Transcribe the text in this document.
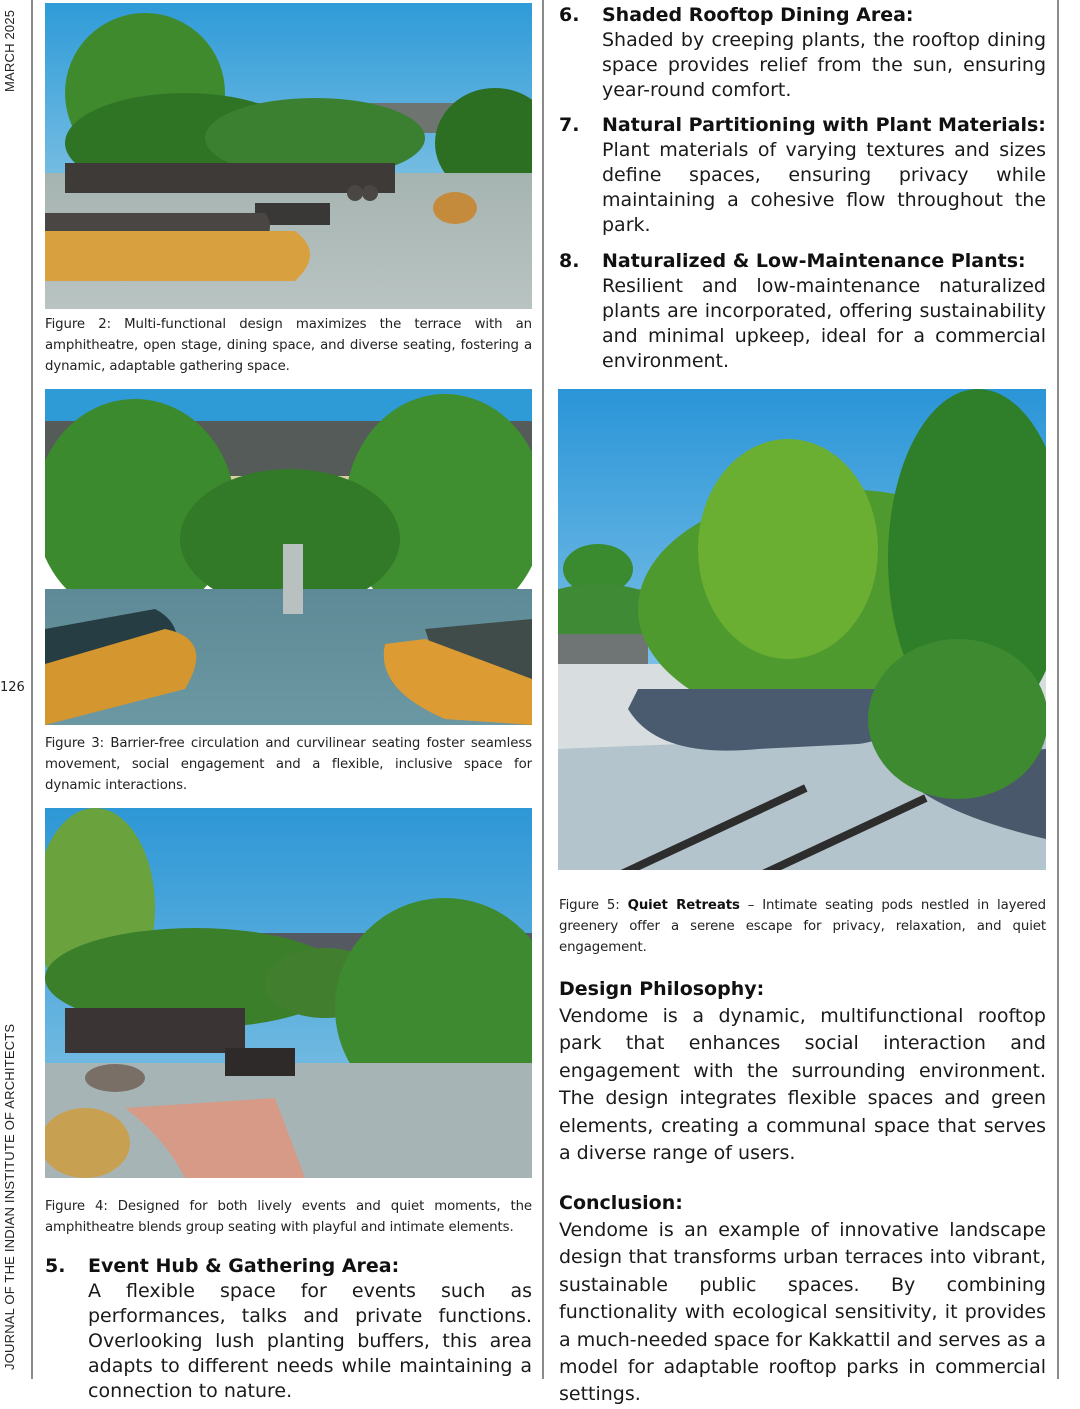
MARCH 2025
JOURNAL OF THE INDIAN INSTITUTE OF ARCHITECTS
126
Figure 2: Multi-functional design maximizes the terrace with an amphitheatre, open stage, dining space, and diverse seating, fostering a dynamic, adaptable gathering space.
Figure 3: Barrier-free circulation and curvilinear seating foster seamless movement, social engagement and a flexible, inclusive space for dynamic interactions.
Figure 4: Designed for both lively events and quiet moments, the amphitheatre blends group seating with playful and intimate elements.
5. Event Hub & Gathering Area:
A flexible space for events such as performances, talks and private functions. Overlooking lush planting buffers, this area adapts to different needs while maintaining a connection to nature.
6. Shaded Rooftop Dining Area:
Shaded by creeping plants, the rooftop dining space provides relief from the sun, ensuring year-round comfort.
7. Natural Partitioning with Plant Materials:
Plant materials of varying textures and sizes define spaces, ensuring privacy while maintaining a cohesive flow throughout the park.
8. Naturalized & Low-Maintenance Plants:
Resilient and low-maintenance naturalized plants are incorporated, offering sustainability and minimal upkeep, ideal for a commercial environment.
Figure 5: Quiet Retreats – Intimate seating pods nestled in layered greenery offer a serene escape for privacy, relaxation, and quiet engagement.
Design Philosophy:
Vendome is a dynamic, multifunctional rooftop park that enhances social interaction and engagement with the surrounding environment. The design integrates flexible spaces and green elements, creating a communal space that serves a diverse range of users.
Conclusion:
Vendome is an example of innovative landscape design that transforms urban terraces into vibrant, sustainable public spaces. By combining functionality with ecological sensitivity, it provides a much-needed space for Kakkattil and serves as a model for adaptable rooftop parks in commercial settings.
